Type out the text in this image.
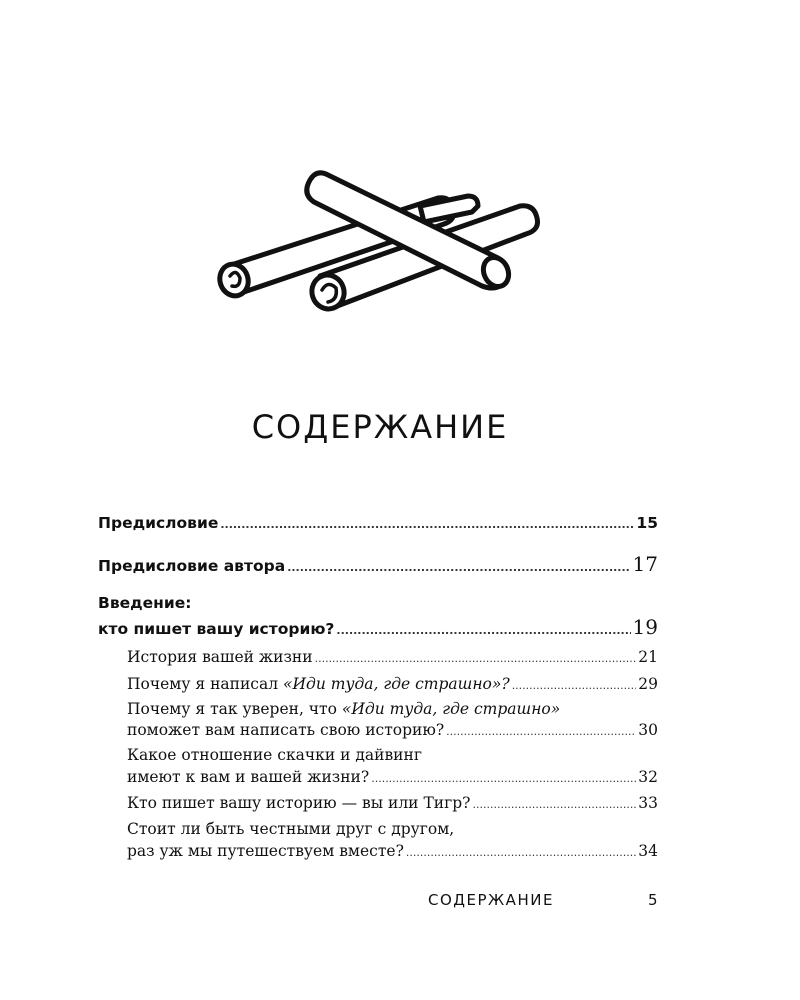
СОДЕРЖАНИЕ
Предисловие .....	15
Предисловие автора .....	17
Введение:
кто пишет вашу историю? .....	19
История вашей жизни .....	21
Почему я написал «Иди туда, где страшно»? .....	29
Почему я так уверен, что «Иди туда, где страшно»
поможет вам написать свою историю? .....	30
Какое отношение скачки и дайвинг
имеют к вам и вашей жизни? .....	32
Кто пишет вашу историю — вы или Тигр? .....	33
Стоит ли быть честными друг с другом,
раз уж мы путешествуем вместе? .....	34
СОДЕРЖАНИЕ	5
